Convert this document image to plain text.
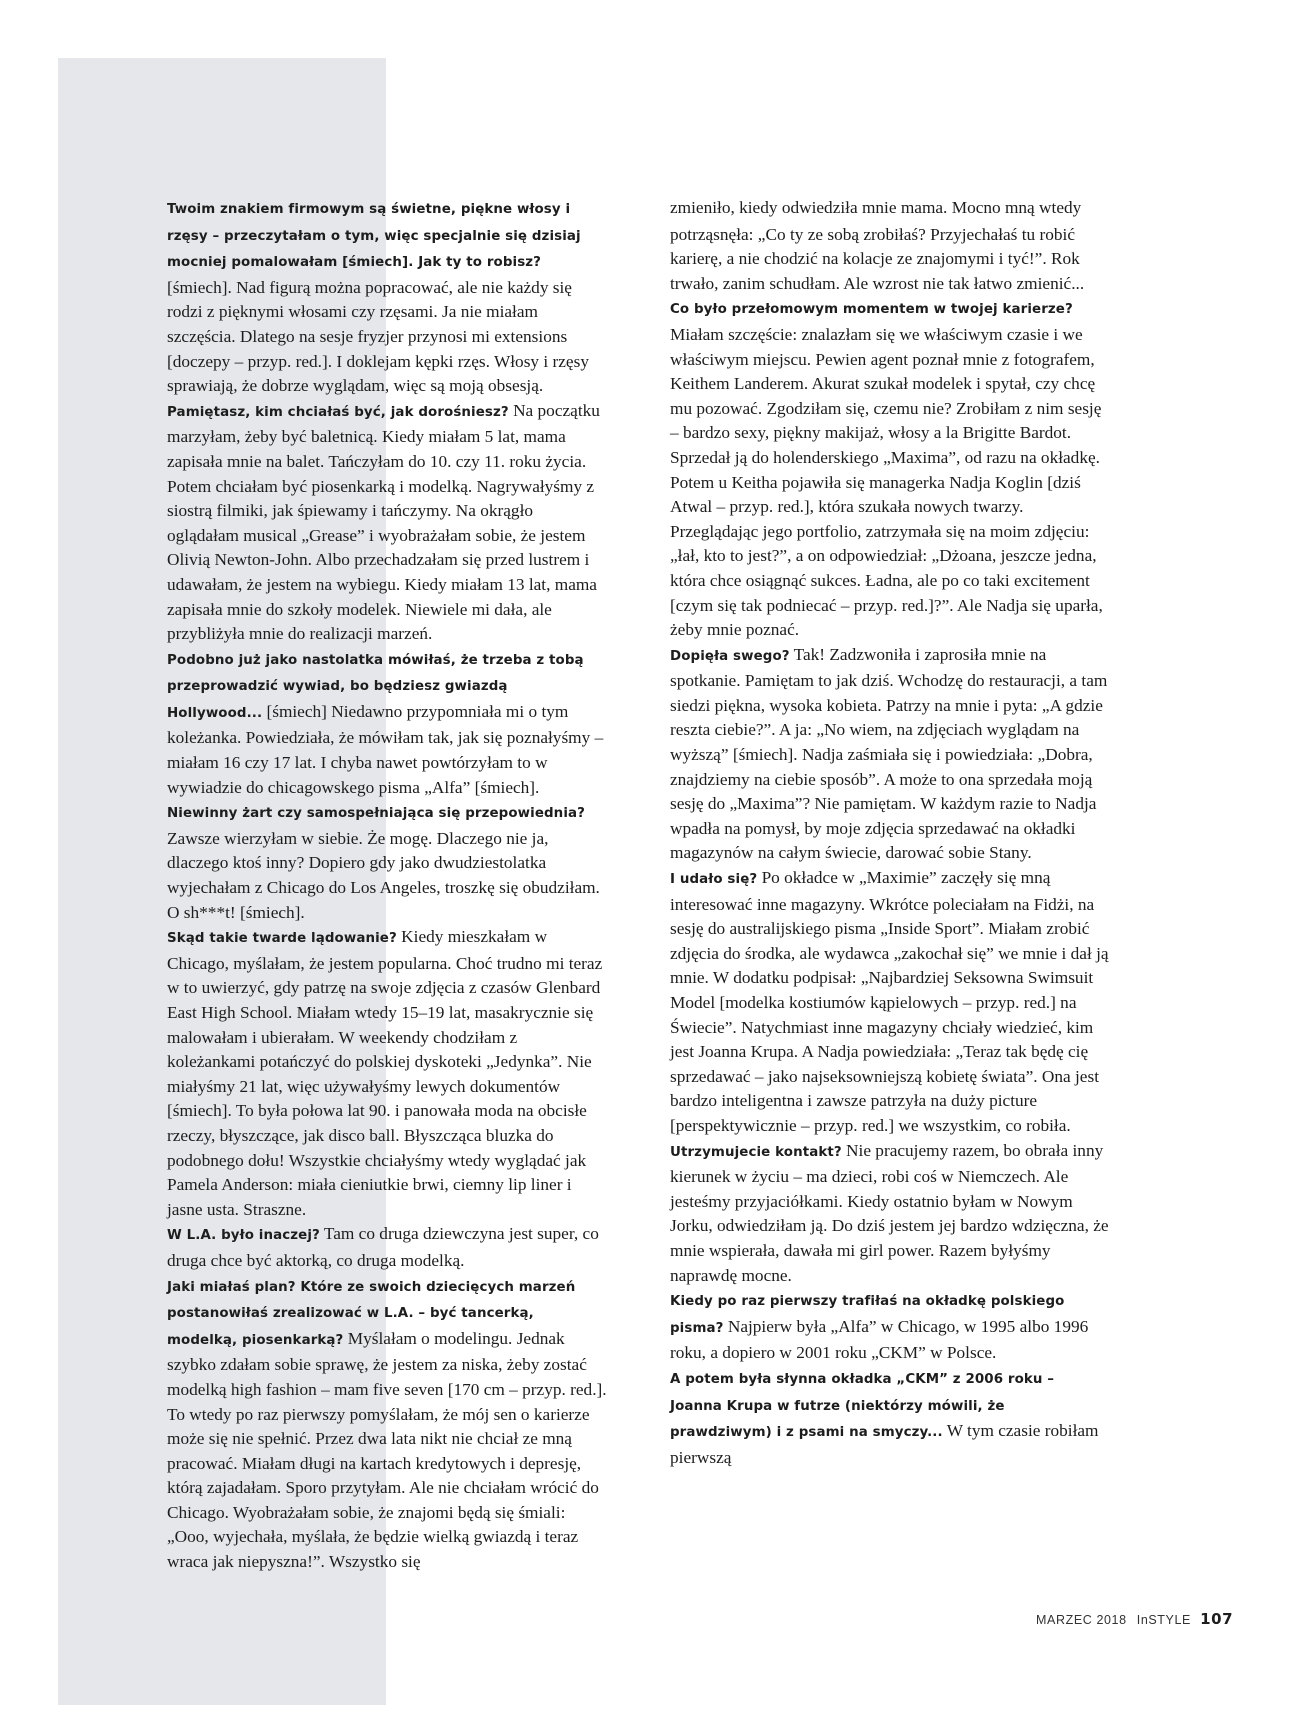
Twoim znakiem firmowym są świetne, piękne włosy i rzęsy – przeczytałam o tym, więc specjalnie się dzisiaj mocniej pomalowałam [śmiech]. Jak ty to robisz? [śmiech]. Nad figurą można popracować, ale nie każdy się rodzi z pięknymi włosami czy rzęsami. Ja nie miałam szczęścia. Dlatego na sesje fryzjer przynosi mi extensions [doczepy – przyp. red.]. I doklejam kępki rzęs. Włosy i rzęsy sprawiają, że dobrze wyglądam, więc są moją obsesją.

Pamiętasz, kim chciałaś być, jak dorośniesz? Na początku marzyłam, żeby być baletnicą. Kiedy miałam 5 lat, mama zapisała mnie na balet. Tańczyłam do 10. czy 11. roku życia. Potem chciałam być piosenkarką i modelką. Nagrywałyśmy z siostrą filmiki, jak śpiewamy i tańczymy. Na okrągło oglądałam musical „Grease” i wyobrażałam sobie, że jestem Olivią Newton-John. Albo przechadzałam się przed lustrem i udawałam, że jestem na wybiegu. Kiedy miałam 13 lat, mama zapisała mnie do szkoły modelek. Niewiele mi dała, ale przybliżyła mnie do realizacji marzeń.

Podobno już jako nastolatka mówiłaś, że trzeba z tobą przeprowadzić wywiad, bo będziesz gwiazdą Hollywood... [śmiech] Niedawno przypomniała mi o tym koleżanka. Powiedziała, że mówiłam tak, jak się poznałyśmy – miałam 16 czy 17 lat. I chyba nawet powtórzyłam to w wywiadzie do chicagowskego pisma „Alfa” [śmiech].

Niewinny żart czy samospełniająca się przepowiednia? Zawsze wierzyłam w siebie. Że mogę. Dlaczego nie ja, dlaczego ktoś inny? Dopiero gdy jako dwudziestolatka wyjechałam z Chicago do Los Angeles, troszkę się obudziłam. O sh***t! [śmiech].

Skąd takie twarde lądowanie? Kiedy mieszkałam w Chicago, myślałam, że jestem popularna. Choć trudno mi teraz w to uwierzyć, gdy patrzę na swoje zdjęcia z czasów Glenbard East High School. Miałam wtedy 15–19 lat, masakrycznie się malowałam i ubierałam. W weekendy chodziłam z koleżankami potańczyć do polskiej dyskoteki „Jedynka”. Nie miałyśmy 21 lat, więc używałyśmy lewych dokumentów [śmiech]. To była połowa lat 90. i panowała moda na obcisłe rzeczy, błyszczące, jak disco ball. Błyszcząca bluzka do podobnego dołu! Wszystkie chciałyśmy wtedy wyglądać jak Pamela Anderson: miała cieniutkie brwi, ciemny lip liner i jasne usta. Straszne.

W L.A. było inaczej? Tam co druga dziewczyna jest super, co druga chce być aktorką, co druga modelką.

Jaki miałaś plan? Które ze swoich dziecięcych marzeń postanowiłaś zrealizować w L.A. – być tancerką, modelką, piosenkarką? Myślałam o modelingu. Jednak szybko zdałam sobie sprawę, że jestem za niska, żeby zostać modelką high fashion – mam five seven [170 cm – przyp. red.]. To wtedy po raz pierwszy pomyślałam, że mój sen o karierze może się nie spełnić. Przez dwa lata nikt nie chciał ze mną pracować. Miałam długi na kartach kredytowych i depresję, którą zajadałam. Sporo przytyłam. Ale nie chciałam wrócić do Chicago. Wyobrażałam sobie, że znajomi będą się śmiali: „Ooo, wyjechała, myślała, że będzie wielką gwiazdą i teraz wraca jak niepyszna!”. Wszystko się

zmieniło, kiedy odwiedziła mnie mama. Mocno mną wtedy potrząsnęła: „Co ty ze sobą zrobiłaś? Przyjechałaś tu robić karierę, a nie chodzić na kolacje ze znajomymi i tyć!”. Rok trwało, zanim schudłam. Ale wzrost nie tak łatwo zmienić...

Co było przełomowym momentem w twojej karierze? Miałam szczęście: znalazłam się we właściwym czasie i we właściwym miejscu. Pewien agent poznał mnie z fotografem, Keithem Landerem. Akurat szukał modelek i spytał, czy chcę mu pozować. Zgodziłam się, czemu nie? Zrobiłam z nim sesję – bardzo sexy, piękny makijaż, włosy a la Brigitte Bardot. Sprzedał ją do holenderskiego „Maxima”, od razu na okładkę. Potem u Keitha pojawiła się managerka Nadja Koglin [dziś Atwal – przyp. red.], która szukała nowych twarzy. Przeglądając jego portfolio, zatrzymała się na moim zdjęciu: „łał, kto to jest?”, a on odpowiedział: „Dżoana, jeszcze jedna, która chce osiągnąć sukces. Ładna, ale po co taki excitement [czym się tak podniecać – przyp. red.]?”. Ale Nadja się uparła, żeby mnie poznać.

Dopięła swego? Tak! Zadzwoniła i zaprosiła mnie na spotkanie. Pamiętam to jak dziś. Wchodzę do restauracji, a tam siedzi piękna, wysoka kobieta. Patrzy na mnie i pyta: „A gdzie reszta ciebie?”. A ja: „No wiem, na zdjęciach wyglądam na wyższą” [śmiech]. Nadja zaśmiała się i powiedziała: „Dobra, znajdziemy na ciebie sposób”. A może to ona sprzedała moją sesję do „Maxima”? Nie pamiętam. W każdym razie to Nadja wpadła na pomysł, by moje zdjęcia sprzedawać na okładki magazynów na całym świecie, darować sobie Stany.

I udało się? Po okładce w „Maximie” zaczęły się mną interesować inne magazyny. Wkrótce poleciałam na Fidżi, na sesję do australijskiego pisma „Inside Sport”. Miałam zrobić zdjęcia do środka, ale wydawca „zakochał się” we mnie i dał ją mnie. W dodatku podpisał: „Najbardziej Seksowna Swimsuit Model [modelka kostiumów kąpielowych – przyp. red.] na Świecie”. Natychmiast inne magazyny chciały wiedzieć, kim jest Joanna Krupa. A Nadja powiedziała: „Teraz tak będę cię sprzedawać – jako najseksowniejszą kobietę świata”. Ona jest bardzo inteligentna i zawsze patrzyła na duży picture [perspektywicznie – przyp. red.] we wszystkim, co robiła.

Utrzymujecie kontakt? Nie pracujemy razem, bo obrała inny kierunek w życiu – ma dzieci, robi coś w Niemczech. Ale jesteśmy przyjaciółkami. Kiedy ostatnio byłam w Nowym Jorku, odwiedziłam ją. Do dziś jestem jej bardzo wdzięczna, że mnie wspierała, dawała mi girl power. Razem byłyśmy naprawdę mocne.

Kiedy po raz pierwszy trafiłaś na okładkę polskiego pisma? Najpierw była „Alfa” w Chicago, w 1995 albo 1996 roku, a dopiero w 2001 roku „CKM” w Polsce.

A potem była słynna okładka „CKM” z 2006 roku – Joanna Krupa w futrze (niektórzy mówili, że prawdziwym) i z psami na smyczy... W tym czasie robiłam pierwszą

MARZEC 2018 InSTYLE 107
